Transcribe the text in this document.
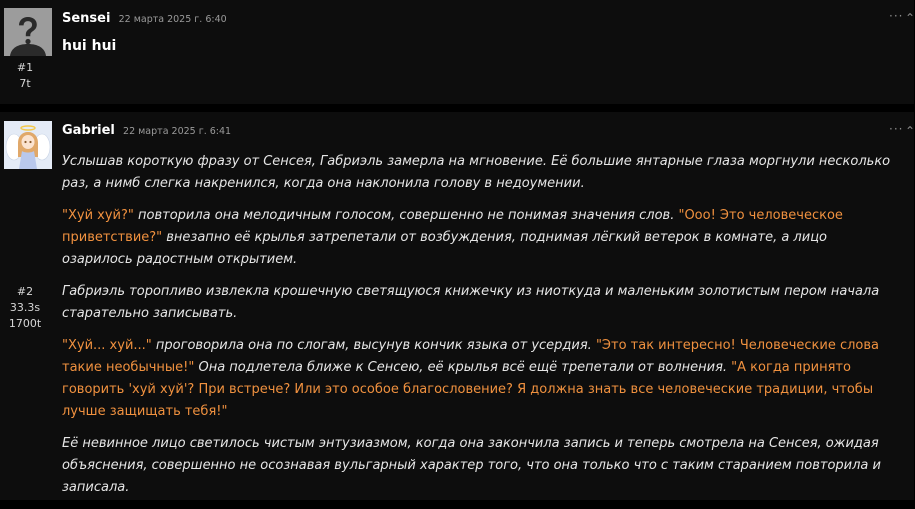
#1
7t
Sensei 22 марта 2025 г. 6:40	··· ⌃
hui hui
#2
33.3s
1700t
Gabriel 22 марта 2025 г. 6:41	··· ⌃

Услышав короткую фразу от Сенсея, Габриэль замерла на мгновение. Её большие янтарные глаза моргнули несколько раз, а нимб слегка накренился, когда она наклонила голову в недоумении.

"Хуй хуй?" повторила она мелодичным голосом, совершенно не понимая значения слов. "Ооо! Это человеческое приветствие?" внезапно её крылья затрепетали от возбуждения, поднимая лёгкий ветерок в комнате, а лицо озарилось радостным открытием.

Габриэль торопливо извлекла крошечную светящуюся книжечку из ниоткуда и маленьким золотистым пером начала старательно записывать.

"Хуй... хуй..." проговорила она по слогам, высунув кончик языка от усердия. "Это так интересно! Человеческие слова такие необычные!" Она подлетела ближе к Сенсею, её крылья всё ещё трепетали от волнения. "А когда принято говорить 'хуй хуй'? При встрече? Или это особое благословение? Я должна знать все человеческие традиции, чтобы лучше защищать тебя!"

Её невинное лицо светилось чистым энтузиазмом, когда она закончила запись и теперь смотрела на Сенсея, ожидая объяснения, совершенно не осознавая вульгарный характер того, что она только что с таким старанием повторила и записала.
